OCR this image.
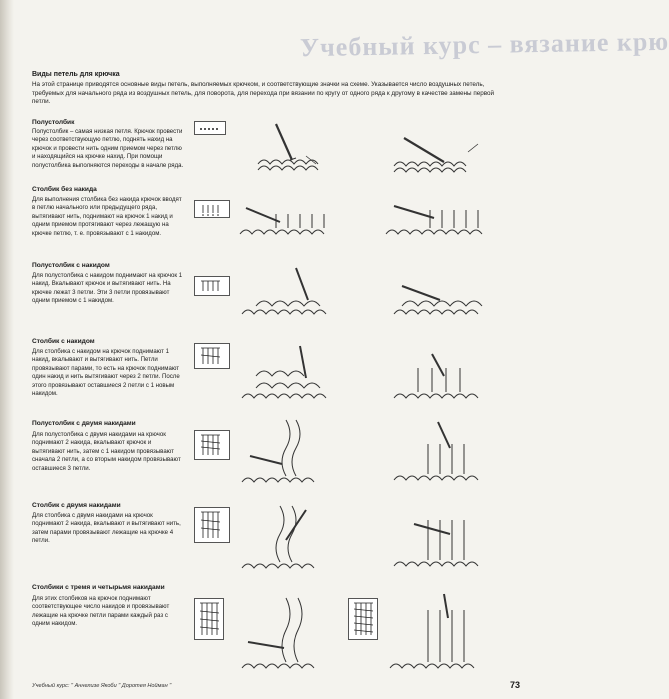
Учебный курс – вязание крю
Виды петель для крючка
На этой странице приводятся основные виды петель, выполняемых крючком, и соответствующие значки на схеме. Указывается число воздушных петель, требуемых для начального ряда из воздушных петель, для поворота, для перехода при вязании по кругу от одного ряда к другому в качестве замены первой петли.
Полустолбик
Полустолбик – самая низкая петля. Крючок провести через соответствующую петлю, поднять нахид на крючок и провести нить одним приемом через петлю и находящийся на крючке нахид. При помощи полустолбика выполняются переходы в начале ряда.
Столбик без накида
Для выполнения столбика без накида крючок вводят в петлю начального или предыдущего ряда, вытягивают нить, поднимают на крючок 1 накид и одним приемом протягивают через лежащую на крючке петлю, т. е. провязывают с 1 накидом.
Полустолбик с накидом
Для полустолбика с накидом поднимают на крючок 1 накид. Вкалывают крючок и вытягивают нить. На крючке лежат 3 петли. Эти 3 петли провязывают одним приемом с 1 накидом.
Столбик с накидом
Для столбика с накидом на крючок поднимают 1 накид, вкалывают и вытягивают нить. Петли провязывают парами, то есть на крючок поднимают один накид и нить вытягивают через 2 петли. После этого провязывают оставшиеся 2 петли с 1 новым накидом.
Полустолбик с двумя накидами
Для полустолбика с двумя накидами на крючок поднимают 2 накида, вкалывают крючок и вытягивают нить, затем с 1 накидом провязывают сначала 2 петли, а со вторым накидом провязывают оставшиеся 3 петли.
Столбик с двумя накидами
Для столбика с двумя накидами на крючок поднимают 2 накида, вкалывают и вытягивают нить, затем парами провязывают лежащие на крючке 4 петли.
Столбики с тремя и четырьмя накидами
Для этих столбиков на крючок поднимают соответствующее число накидов и провязывают лежащие на крючке петли парами каждый раз с одним накидом.
Учебный курс: " Аннелизе Якоби " Доротея Нойман "	73
